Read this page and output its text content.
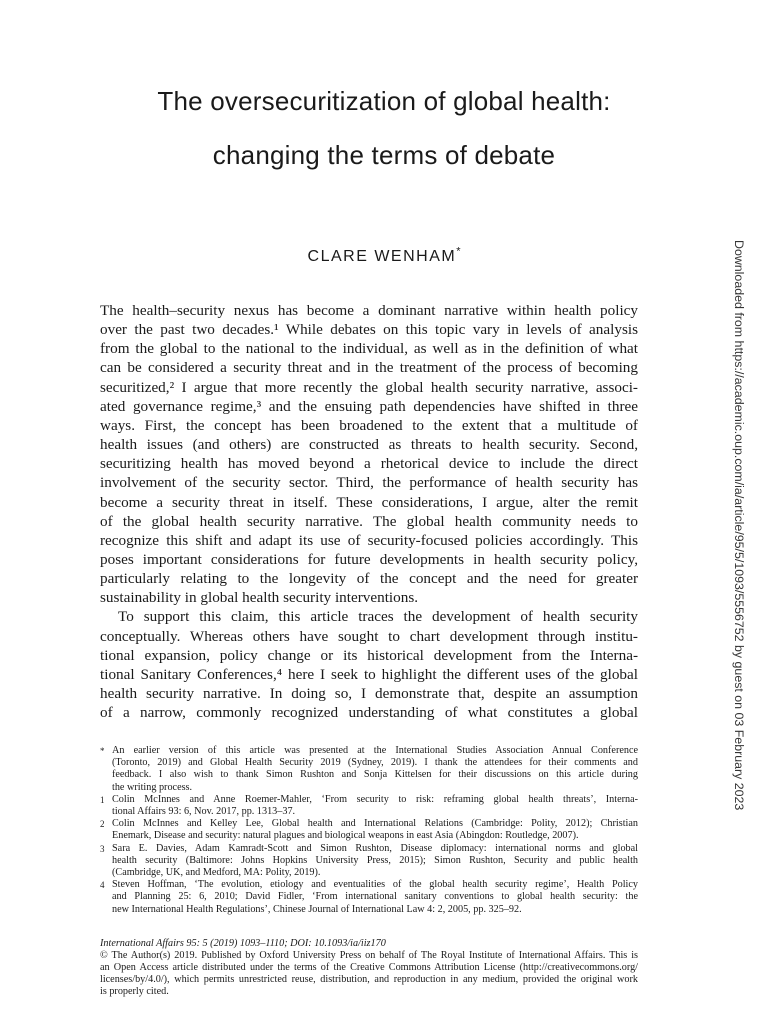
The oversecuritization of global health:
changing the terms of debate
CLARE WENHAM*	Downloaded from https://academic.oup.com/ia/article/95/5/1093/5556752 by guest on 03 February 2023
The health–security nexus has become a dominant narrative within health policy
over the past two decades.¹ While debates on this topic vary in levels of analysis
from the global to the national to the individual, as well as in the definition of what
can be considered a security threat and in the treatment of the process of becoming
securitized,² I argue that more recently the global health security narrative, associ-
ated governance regime,³ and the ensuing path dependencies have shifted in three
ways. First, the concept has been broadened to the extent that a multitude of
health issues (and others) are constructed as threats to health security. Second,
securitizing health has moved beyond a rhetorical device to include the direct
involvement of the security sector. Third, the performance of health security has
become a security threat in itself. These considerations, I argue, alter the remit
of the global health security narrative. The global health community needs to
recognize this shift and adapt its use of security-focused policies accordingly. This
poses important considerations for future developments in health security policy,
particularly relating to the longevity of the concept and the need for greater
sustainability in global health security interventions.
To support this claim, this article traces the development of health security
conceptually. Whereas others have sought to chart development through institu-
tional expansion, policy change or its historical development from the Interna-
tional Sanitary Conferences,⁴ here I seek to highlight the different uses of the global
health security narrative. In doing so, I demonstrate that, despite an assumption
of a narrow, commonly recognized understanding of what constitutes a global
* An earlier version of this article was presented at the International Studies Association Annual Conference
(Toronto, 2019) and Global Health Security 2019 (Sydney, 2019). I thank the attendees for their comments and
feedback. I also wish to thank Simon Rushton and Sonja Kittelsen for their discussions on this article during
the writing process.
1 Colin McInnes and Anne Roemer-Mahler, ‘From security to risk: reframing global health threats’, Interna-
tional Affairs 93: 6, Nov. 2017, pp. 1313–37.
2 Colin McInnes and Kelley Lee, Global health and International Relations (Cambridge: Polity, 2012); Christian
Enemark, Disease and security: natural plagues and biological weapons in east Asia (Abingdon: Routledge, 2007).
3 Sara E. Davies, Adam Kamradt-Scott and Simon Rushton, Disease diplomacy: international norms and global
health security (Baltimore: Johns Hopkins University Press, 2015); Simon Rushton, Security and public health
(Cambridge, UK, and Medford, MA: Polity, 2019).
4 Steven Hoffman, ‘The evolution, etiology and eventualities of the global health security regime’, Health Policy
and Planning 25: 6, 2010; David Fidler, ‘From international sanitary conventions to global health security: the
new International Health Regulations’, Chinese Journal of International Law 4: 2, 2005, pp. 325–92.
International Affairs 95: 5 (2019) 1093–1110; DOI: 10.1093/ia/iiz170
© The Author(s) 2019. Published by Oxford University Press on behalf of The Royal Institute of International Affairs. This is
an Open Access article distributed under the terms of the Creative Commons Attribution License (http://creativecommons.org/
licenses/by/4.0/), which permits unrestricted reuse, distribution, and reproduction in any medium, provided the original work
is properly cited.
